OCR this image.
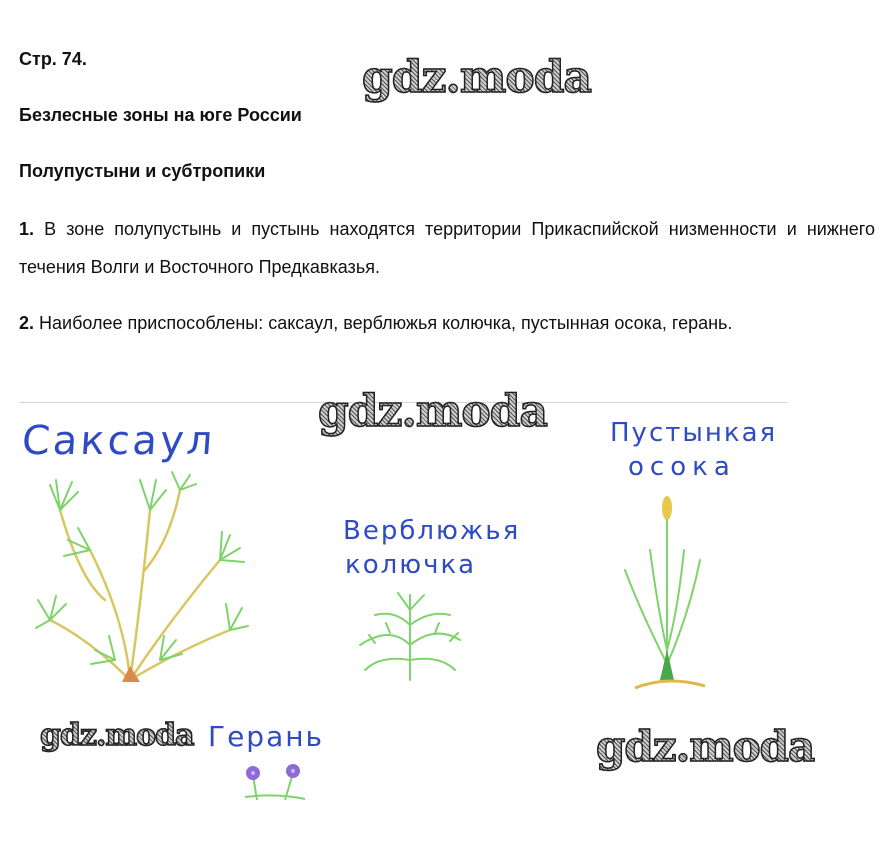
Стр. 74.
Безлесные зоны на юге России
Полупустыни и субтропики
1. В зоне полупустынь и пустынь находятся территории Прикаспийской низменности и нижнего течения Волги и Восточного Предкавказья.
2. Наиболее приспособлены: саксаул, верблюжья колючка, пустынная осока, герань.
Саксаул
Верблюжья
колючка
Пустынкая
осока
Герань
gdz.moda
gdz.moda
gdz.moda	gdz.moda
